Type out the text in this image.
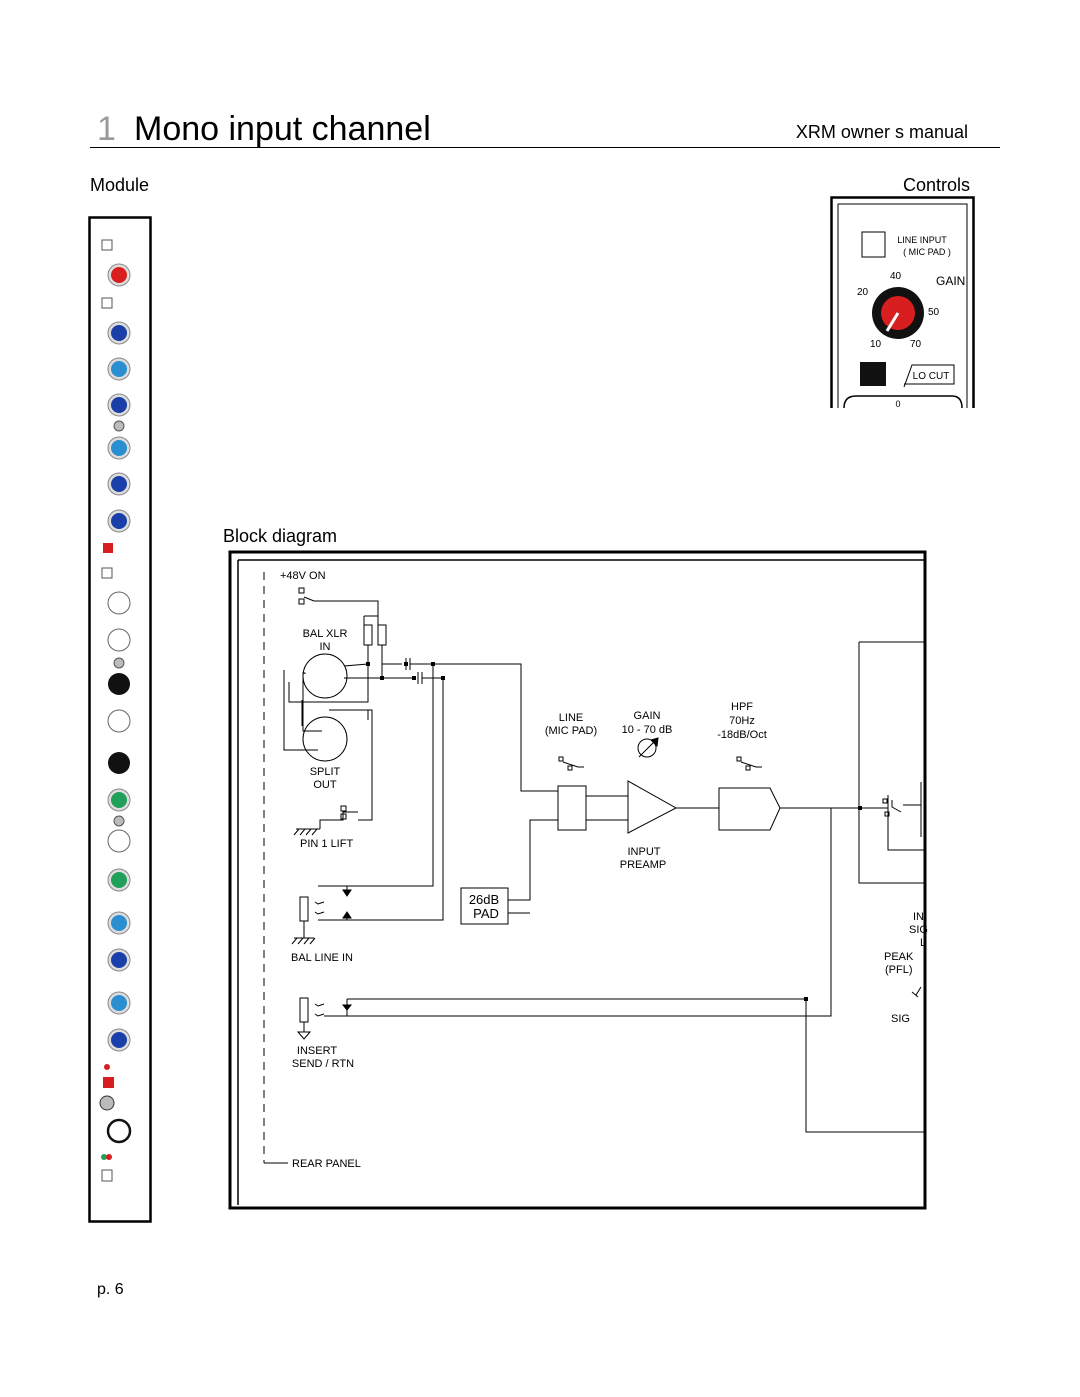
1 Mono input channel	XRM owner s manual
Module	Controls
Block diagram
LINE INPUT
( MIC PAD )
GAIN
20
40
50
10	70
LO CUT
0
+48V ON
BAL XLR
IN
SPLIT
OUT
PIN 1 LIFT
BAL LINE IN
INSERT
SEND / RTN
REAR PANEL
LINE
(MIC PAD)
GAIN
10 - 70 dB
INPUT
PREAMP
HPF
70Hz
-18dB/Oct
IN
SIG
L
PEAK
(PFL)
SIG
26dB
PAD
p. 6
